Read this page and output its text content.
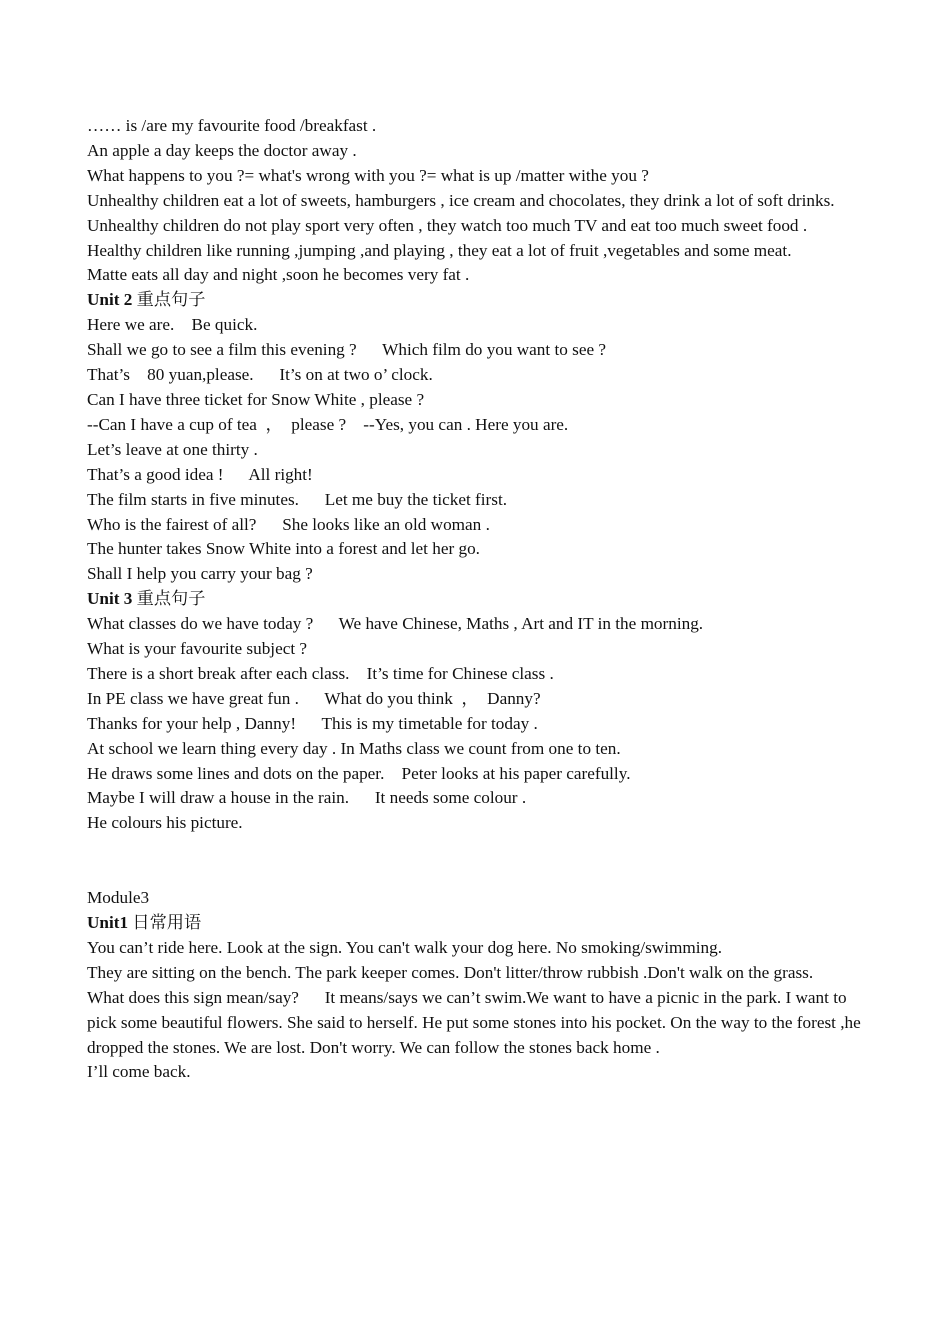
…… is /are my favourite food /breakfast .

An apple a day keeps the doctor away .

What happens to you ?= what's wrong with you ?= what is up /matter withe you ?

Unhealthy children eat a lot of sweets, hamburgers , ice cream and chocolates, they drink a lot of soft drinks.

Unhealthy children do not play sport very often , they watch too much TV and eat too much sweet food .

Healthy children like running ,jumping ,and playing , they eat a lot of fruit ,vegetables and some meat.

Matte eats all day and night ,soon he becomes very fat .

Unit 2 重点句子

Here we are.    Be quick.

Shall we go to see a film this evening ?      Which film do you want to see ?

That’s    80 yuan,please.      It’s on at two o’ clock.

Can I have three ticket for Snow White , please ?

--Can I have a cup of tea  ，  please ?    --Yes, you can . Here you are.

Let’s leave at one thirty .

That’s a good idea !      All right!

The film starts in five minutes.      Let me buy the ticket first.

Who is the fairest of all?      She looks like an old woman .

The hunter takes Snow White into a forest and let her go.

Shall I help you carry your bag ?

Unit 3 重点句子

What classes do we have today ?      We have Chinese, Maths , Art and IT in the morning.

What is your favourite subject ?

There is a short break after each class.    It’s time for Chinese class .

In PE class we have great fun .      What do you think  ，  Danny?

Thanks for your help , Danny!      This is my timetable for today .

At school we learn thing every day . In Maths class we count from one to ten.

He draws some lines and dots on the paper.    Peter looks at his paper carefully.

Maybe I will draw a house in the rain.      It needs some colour .

He colours his picture.

Module3

Unit1 日常用语

You can’t ride here. Look at the sign. You can't walk your dog here. No smoking/swimming.

They are sitting on the bench. The park keeper comes. Don't litter/throw rubbish .Don't walk on the grass.

What does this sign mean/say?      It means/says we can’t swim.We want to have a picnic in the park. I want to pick some beautiful flowers. She said to herself. He put some stones into his pocket. On the way to the forest ,he dropped the stones. We are lost. Don't worry. We can follow the stones back home .

I’ll come back.
